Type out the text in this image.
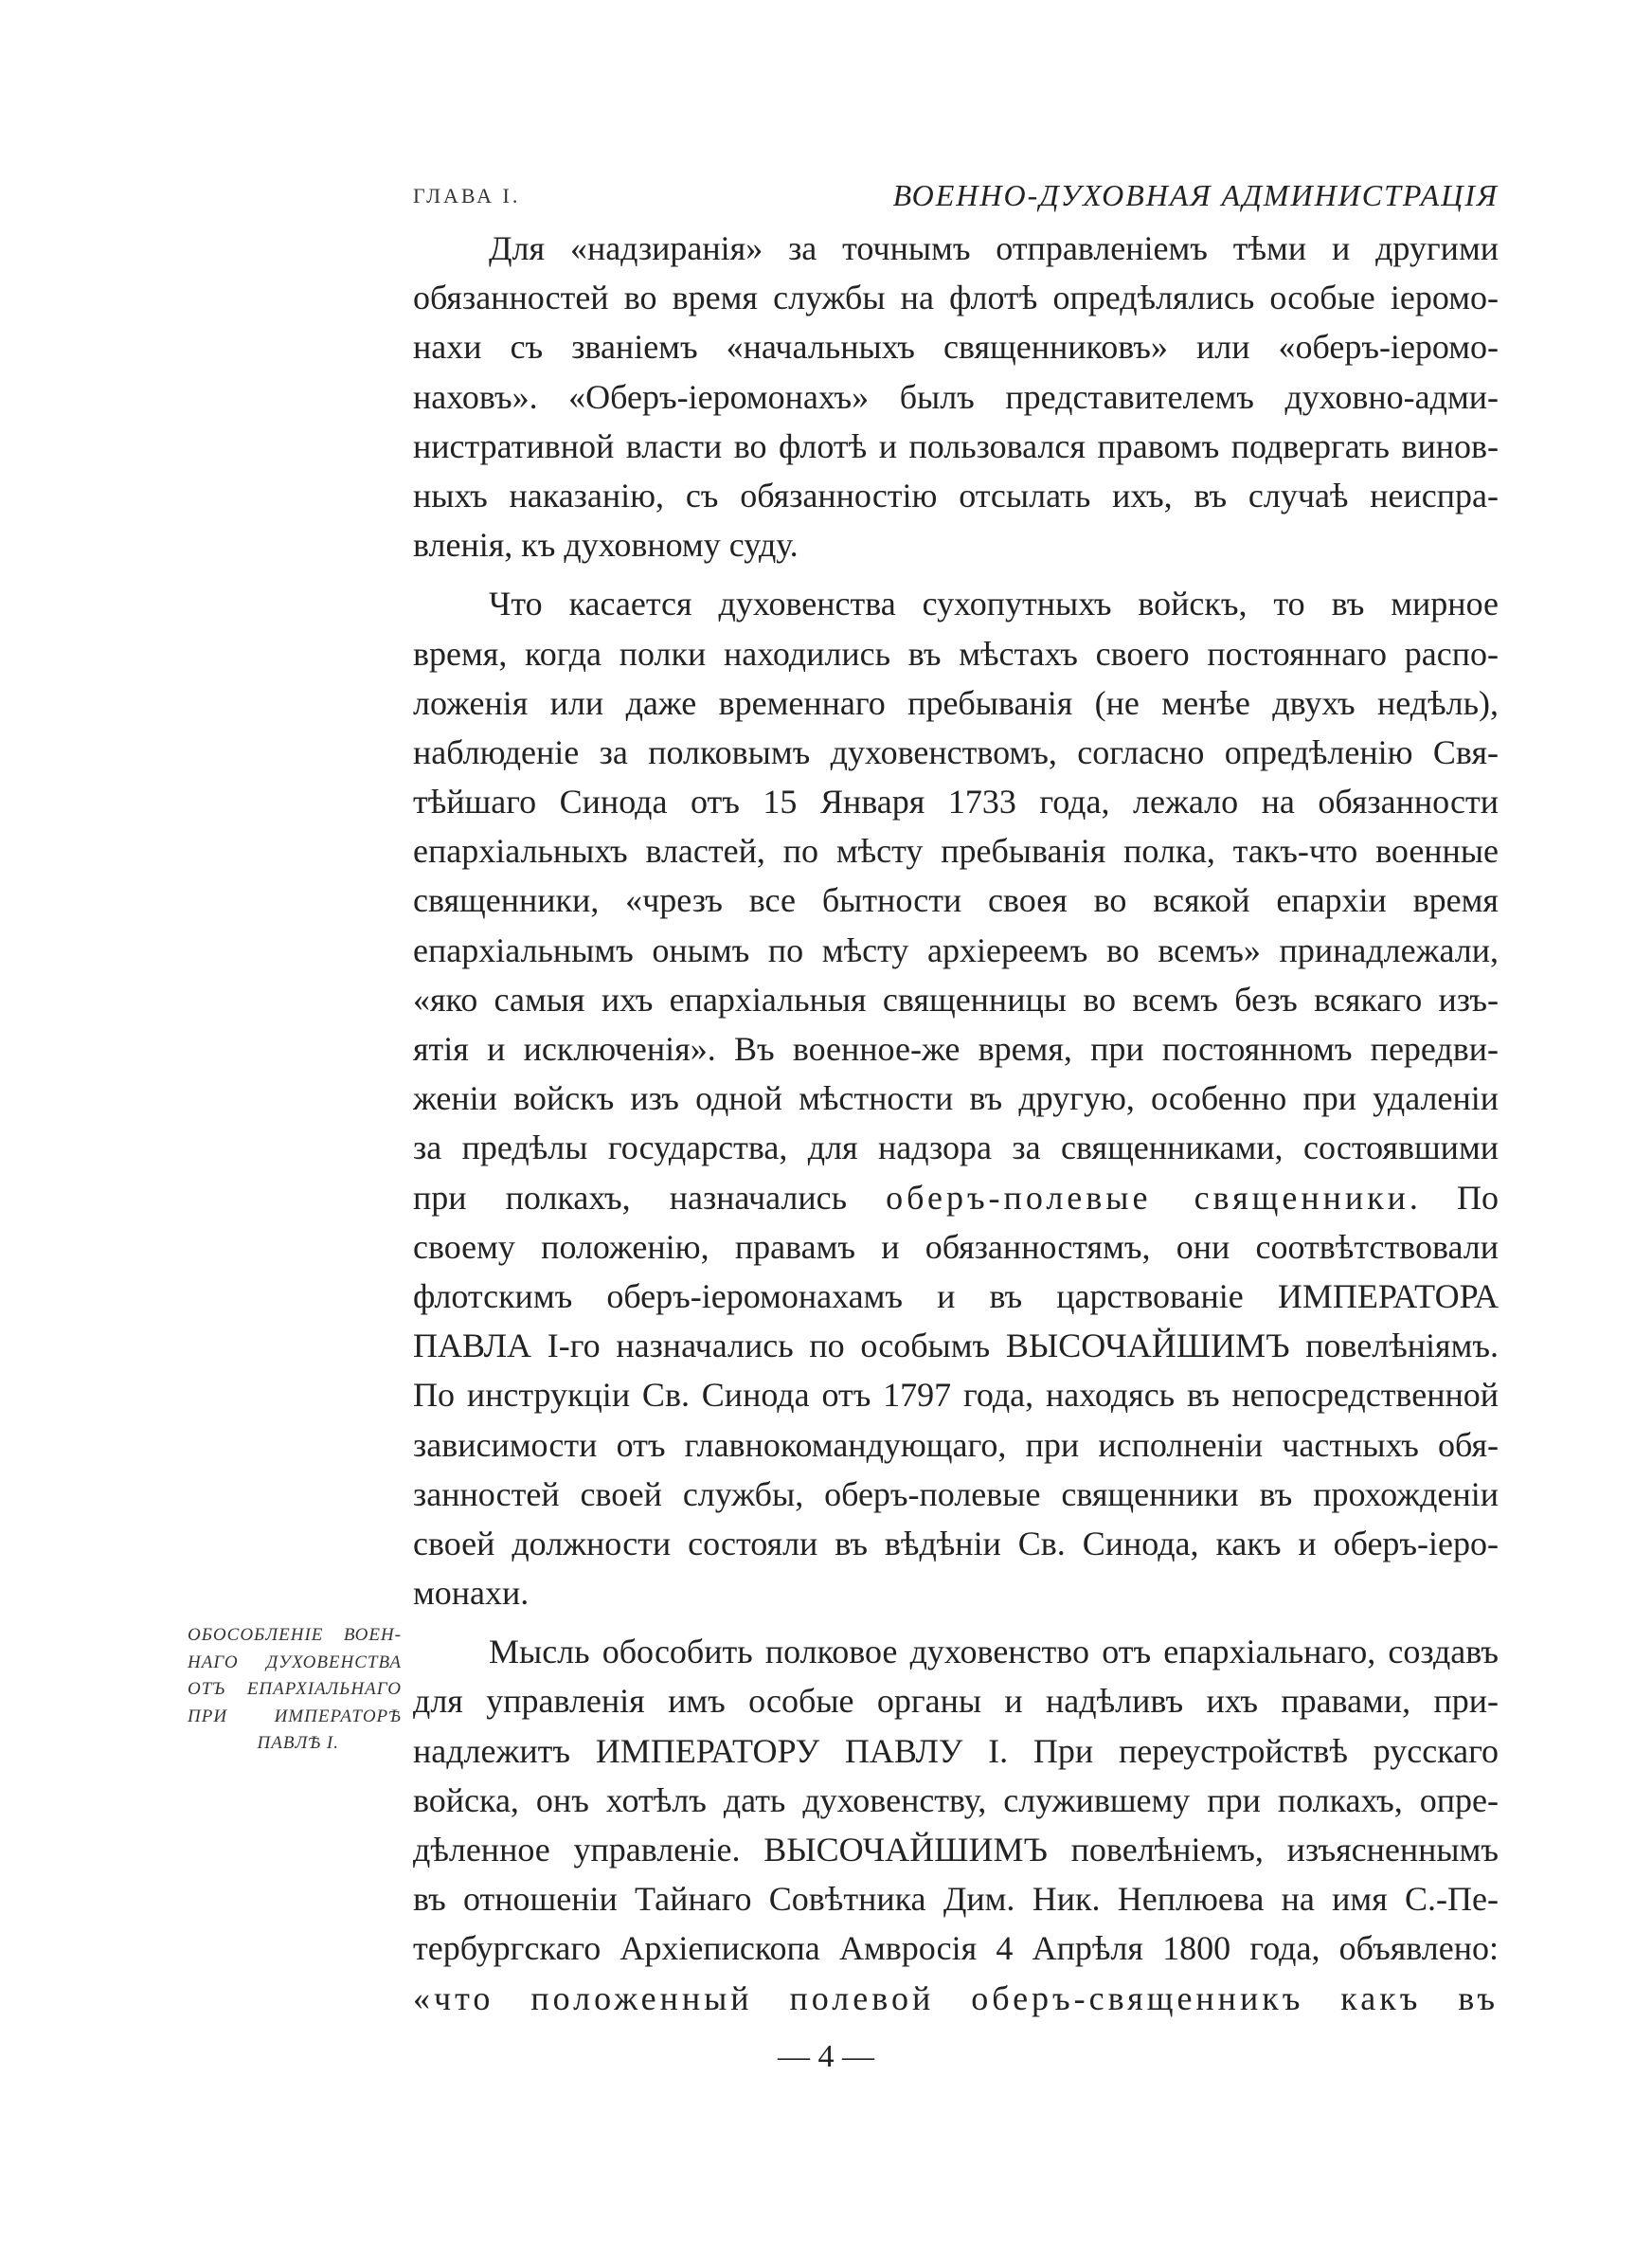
ГЛАВА I.	ВОЕННО-ДУХОВНАЯ АДМИНИСТРАЦІЯ
Для «надзиранія» за точнымъ отправленіемъ тѣми и другими
обязанностей во время службы на флотѣ опредѣлялись особые іеромо-
нахи съ званіемъ «начальныхъ священниковъ» или «оберъ-іеромо-
наховъ». «Оберъ-іеромонахъ» былъ представителемъ духовно-адми-
нистративной власти во флотѣ и пользовался правомъ подвергать винов-
ныхъ наказанію, съ обязанностію отсылать ихъ, въ случаѣ неиспра-
вленія, къ духовному суду.
Что касается духовенства сухопутныхъ войскъ, то въ мирное
время, когда полки находились въ мѣстахъ своего постояннаго распо-
ложенія или даже временнаго пребыванія (не менѣе двухъ недѣль),
наблюденіе за полковымъ духовенствомъ, согласно опредѣленію Свя-
тѣйшаго Синода отъ 15 Января 1733 года, лежало на обязанности
епархіальныхъ властей, по мѣсту пребыванія полка, такъ-что военные
священники, «чрезъ все бытности своея во всякой епархіи время
епархіальнымъ онымъ по мѣсту архіереемъ во всемъ» принадлежали,
«яко самыя ихъ епархіальныя священницы во всемъ безъ всякаго изъ-
ятія и исключенія». Въ военное-же время, при постоянномъ передви-
женіи войскъ изъ одной мѣстности въ другую, особенно при удаленіи
за предѣлы государства, для надзора за священниками, состоявшими
при полкахъ, назначались оберъ-полевые священники. По
своему положенію, правамъ и обязанностямъ, они соотвѣтствовали
флотскимъ оберъ-іеромонахамъ и въ царствованіе ИМПЕРАТОРА
ПАВЛА I-го назначались по особымъ ВЫСОЧАЙШИМЪ повелѣніямъ.
По инструкціи Св. Синода отъ 1797 года, находясь въ непосредственной
зависимости отъ главнокомандующаго, при исполненіи частныхъ обя-
занностей своей службы, оберъ-полевые священники въ прохожденіи
своей должности состояли въ вѣдѣніи Св. Синода, какъ и оберъ-іеро-
монахи.
Мысль обособить полковое духовенство отъ епархіальнаго, создавъ
для управленія имъ особые органы и надѣливъ ихъ правами, при-
надлежитъ ИМПЕРАТОРУ ПАВЛУ I. При переустройствѣ русскаго
войска, онъ хотѣлъ дать духовенству, служившему при полкахъ, опре-
дѣленное управленіе. ВЫСОЧАЙШИМЪ повелѣніемъ, изъясненнымъ
въ отношеніи Тайнаго Совѣтника Дим. Ник. Неплюева на имя С.-Пе-
тербургскаго Архіепископа Амвросія 4 Апрѣля 1800 года, объявлено:
«что положенный полевой оберъ-священникъ какъ въ
ОБОСОБЛЕНІЕ ВОЕН-
НАГО ДУХОВЕНСТВА
ОТЪ ЕПАРХІАЛЬНАГО
ПРИ ИМПЕРАТОРѢ
ПАВЛѢ I.
— 4 —
